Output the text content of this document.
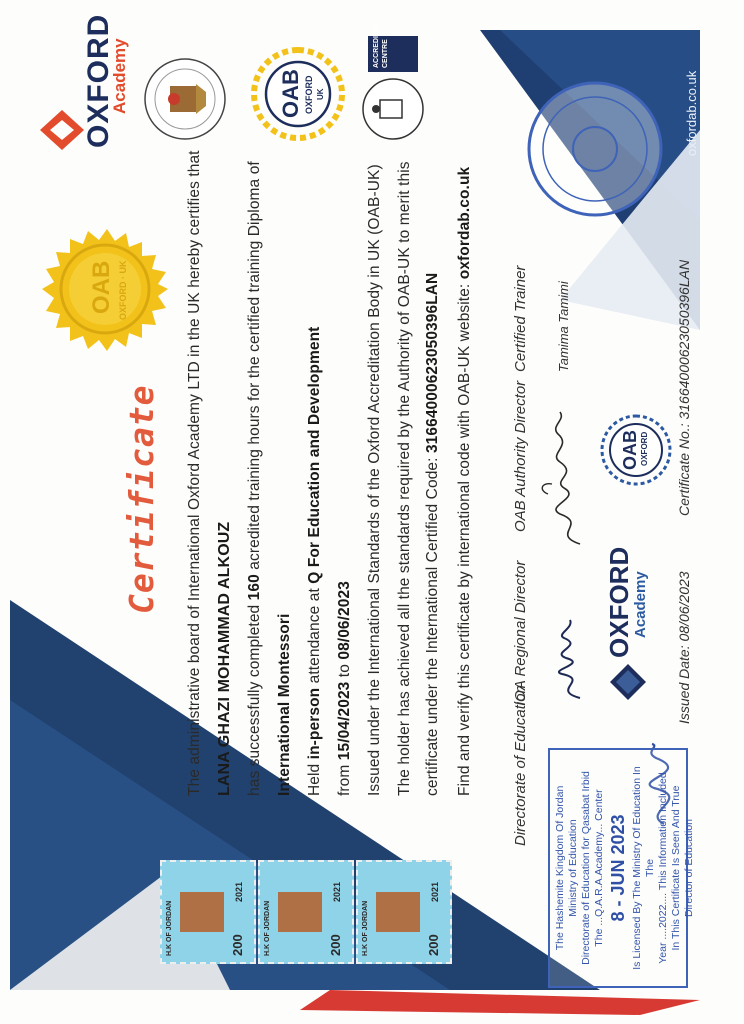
Certificate The administrative board of International Oxford Academy LTD in the UK hereby certifies that LANA GHAZI MOHAMMAD ALKOUZ has successfully completed 160 acredited training hours for the certified training Diploma of
International Montessori Held in-person attendance at Q For Education and Development
from 15/04/2023 to 08/06/2023 Issued under the International Standards of the Oxford Accreditation Body in UK (OAB-UK) The holder has achieved all the standards required by the Authority of OAB-UK to merit this certificate under the International Certified Code: 31664000623050396LAN Find and verify this certificate by international code with OAB-UK website: oxfordab.co.uk
Directorate of Education
IOA Regional Director
OAB Authority Director
Certified Trainer Tamima Tamimi
Issued Date: 08/06/2023
Certificate No.: 31664000623050396LAN
oxfordab.co.uk
OXFORD
Academy
OAB OXFORD
OXFORD
Academy	OAB OXFORD UK
ACCREDITED CENTRE
OAB OXFORD · UK
H.K OF JORDAN	200
2021
H.K OF JORDAN	200
2021
H.K OF JORDAN	200
2021	The Hashemite Kingdom Of Jordan Ministry of Education Directorate of Education for Qasabat Irbid The ...Q.A.R.A.Academy... Center 8 - JUN 2023 Is Licensed By The Ministry Of Education In The Year ....2022.... This Information Included In This Certificate Is Seen And True Director of Education
